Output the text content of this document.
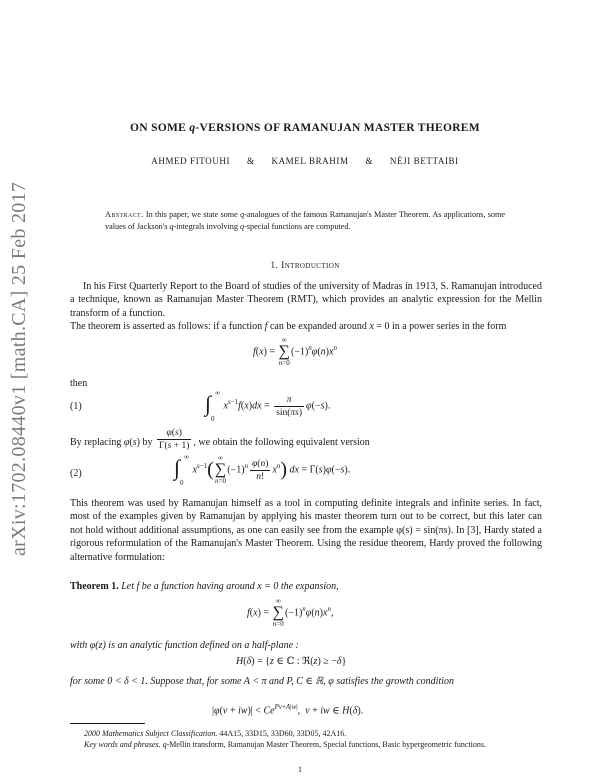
arXiv:1702.08440v1 [math.CA] 25 Feb 2017
ON SOME q-VERSIONS OF RAMANUJAN MASTER THEOREM
AHMED FITOUHI & KAMEL BRAHIM & NÉJI BETTAIBI
Abstract. In this paper, we state some q-analogues of the famous Ramanujan's Master Theorem. As applications, some values of Jackson's q-integrals involving q-special functions are computed.
1. Introduction

In his First Quarterly Report to the Board of studies of the university of Madras in 1913, S. Ramanujan introduced a technique, known as Ramanujan Master Theorem (RMT), which provides an analytic expression for the Mellin transform of a function.

The theorem is asserted as follows: if a function f can be expanded around x = 0 in a power series in the form

f(x) =
∞
∑
n=0
$(-1)^n\varphi(n)x^n$

then

(1)	∫ ∞
0
$x^{s-1}f(x)dx = \frac{\pi}{\sin(\pi s)} \varphi(-s)$.

By replacing φ(s) by $\frac{\varphi(s)}{\Gamma(s + 1)}$ , we obtain the following equivalent version

(2)	∫ ∞
0
$x^{s-1}$(
∞
∑
n=0
$(-1)^n \frac{\varphi(n)}{n!} x^n$) dx = Γ(s)φ(−s).

This theorem was used by Ramanujan himself as a tool in computing definite integrals and infinite series. In fact, most of the examples given by Ramanujan by applying his master theorem turn out to be correct, but this later can not hold without additional assumptions, as one can easily see from the example φ(s) = sin(πs). In [3], Hardy stated a rigorous reformulation of the Ramanujan's Master Theorem. Using the residue theorem, Hardy proved the following alternative formulation:

Theorem 1. Let f be a function having around x = 0 the expansion,

f(x) =
∞
∑
n=0
$(-1)^n\varphi(n)x^n$,

with φ(z) is an analytic function defined on a half-plane :

H(δ) = {z ∈ ℂ : ℜ(z) ≥ −δ}

for some 0 < δ < 1. Suppose that, for some A < π and P, C ∈ ℝ, φ satisfies the growth condition

$|\varphi(v + iw)| < Ce^{Pv+A|w|}$,  v + iw ∈ H(δ).
2000 Mathematics Subject Classification. 44A15, 33D15, 33D60, 33D05, 42A16.
Key words and phrases. q-Mellin transform, Ramanujan Master Theorem, Special functions, Basic hypergeometric functions.
1
